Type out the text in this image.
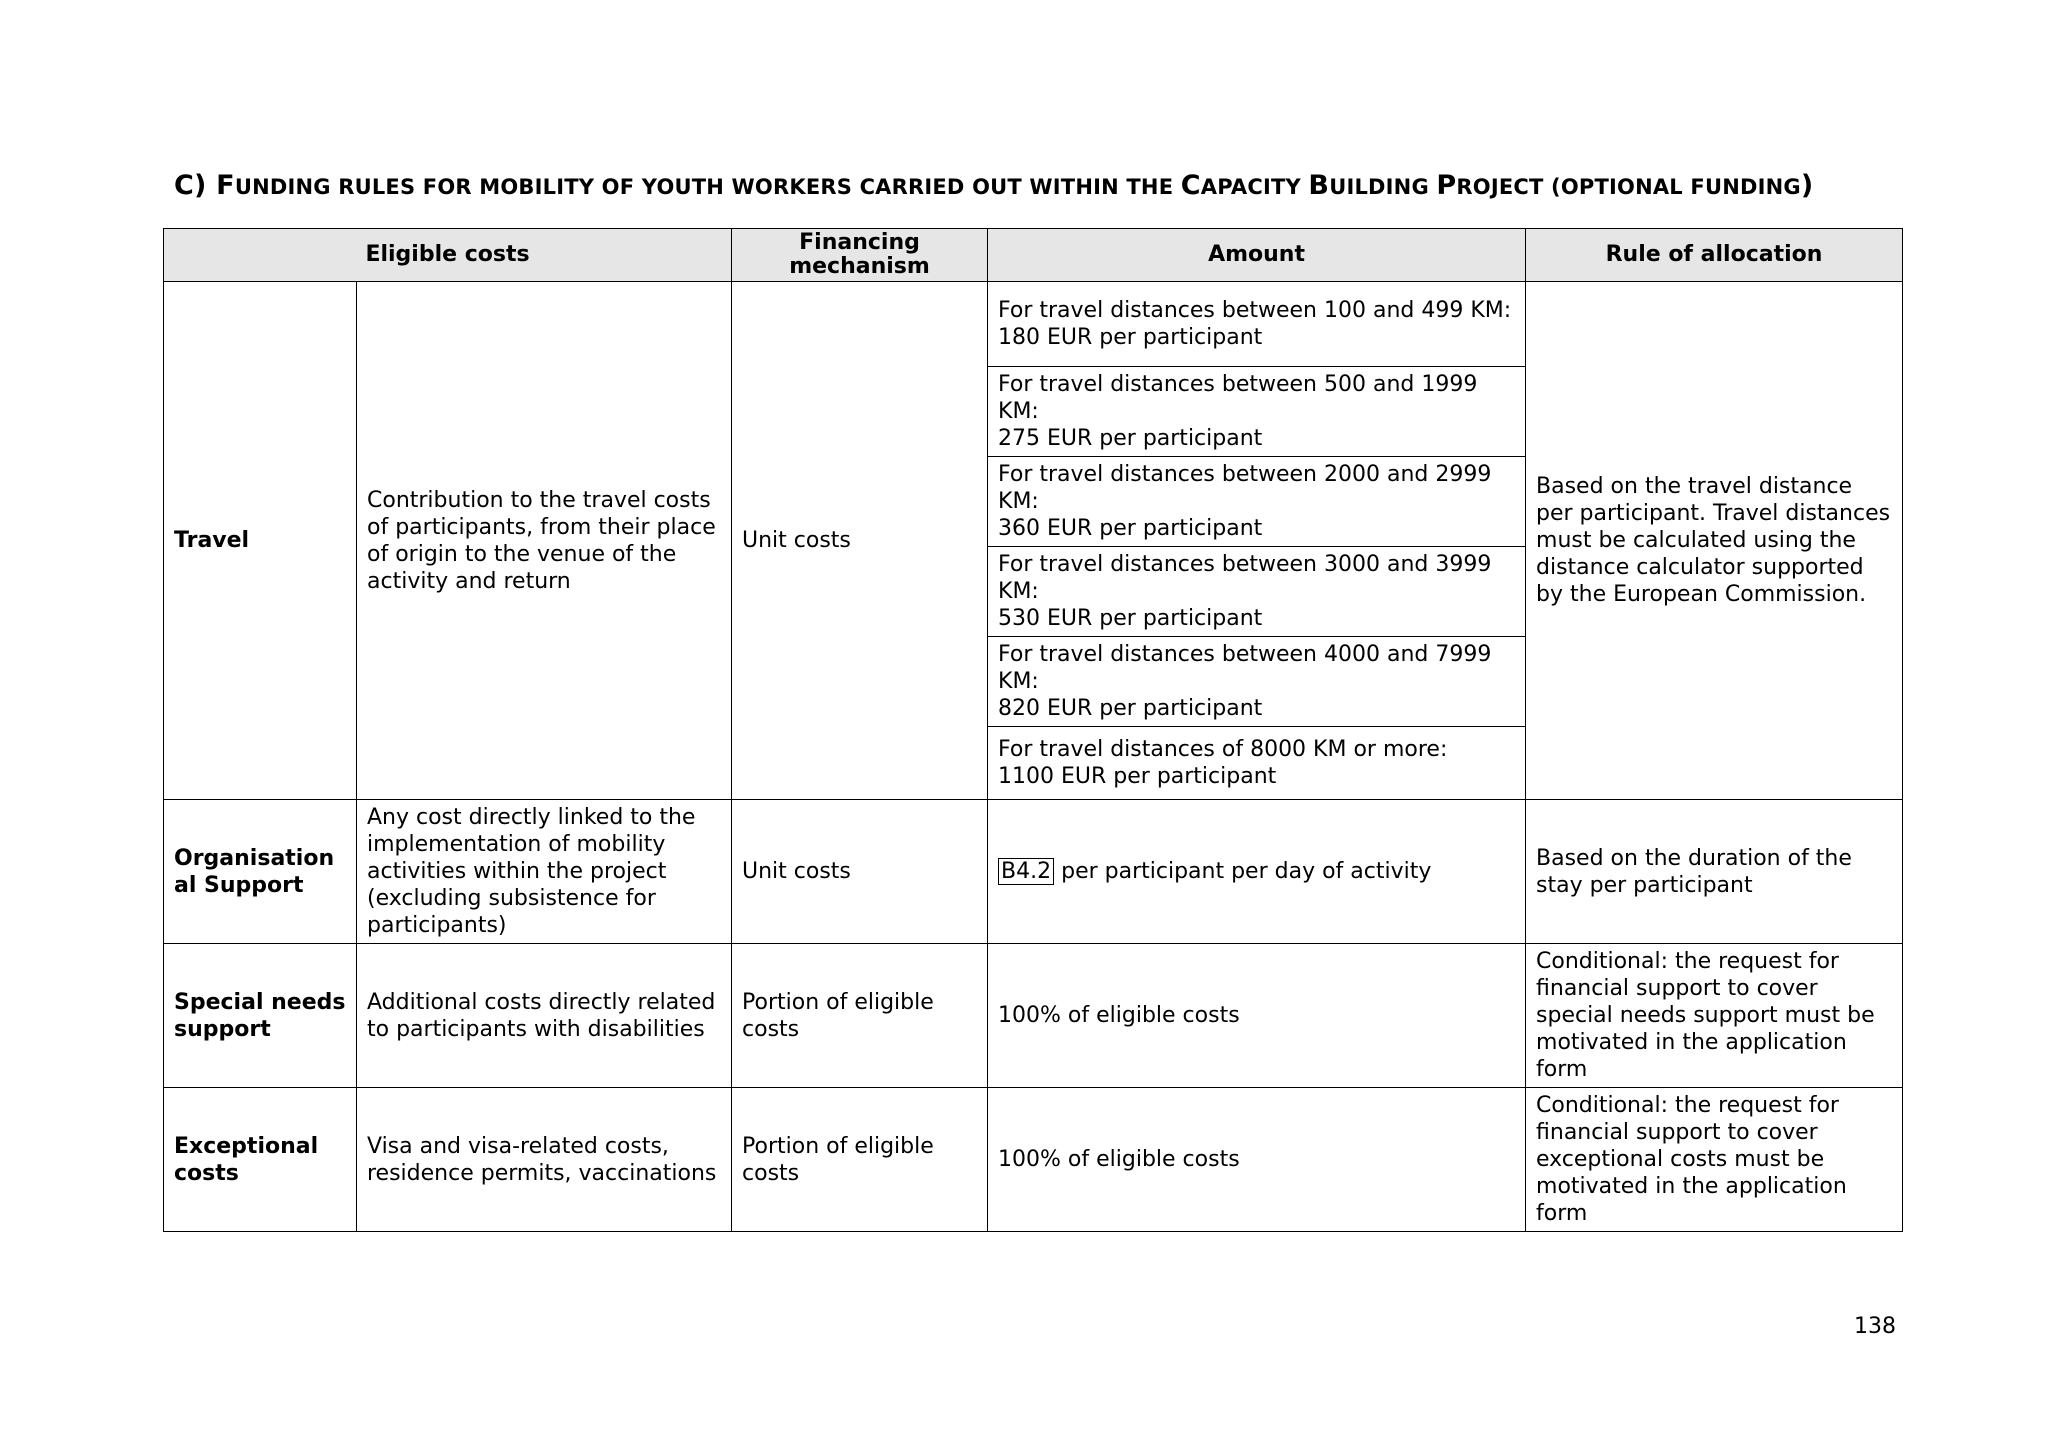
C) FUNDING RULES FOR MOBILITY OF YOUTH WORKERS CARRIED OUT WITHIN THE CAPACITY BUILDING PROJECT (OPTIONAL FUNDING)
Eligible costs		Financing mechanism	Amount	Rule of allocation
Travel	Contribution to the travel costs of participants, from their place of origin to the venue of the activity and return	Unit costs	For travel distances between 100 and 499 KM:
180 EUR per participant	Based on the travel distance per participant. Travel distances must be calculated using the distance calculator supported by the European Commission.
			For travel distances between 500 and 1999 KM:
275 EUR per participant	
			For travel distances between 2000 and 2999 KM:
360 EUR per participant	
			For travel distances between 3000 and 3999 KM:
530 EUR per participant	
			For travel distances between 4000 and 7999 KM:
820 EUR per participant	
			For travel distances of 8000 KM or more:
1100 EUR per participant	
Organisational Support	Any cost directly linked to the implementation of mobility activities within the project (excluding subsistence for participants)	Unit costs	B4.2 per participant per day of activity	Based on the duration of the stay per participant
Special needs support	Additional costs directly related to participants with disabilities	Portion of eligible costs	100% of eligible costs	Conditional: the request for financial support to cover special needs support must be motivated in the application form
Exceptional costs	Visa and visa-related costs, residence permits, vaccinations	Portion of eligible costs	100% of eligible costs	Conditional: the request for financial support to cover exceptional costs must be motivated in the application form
138
